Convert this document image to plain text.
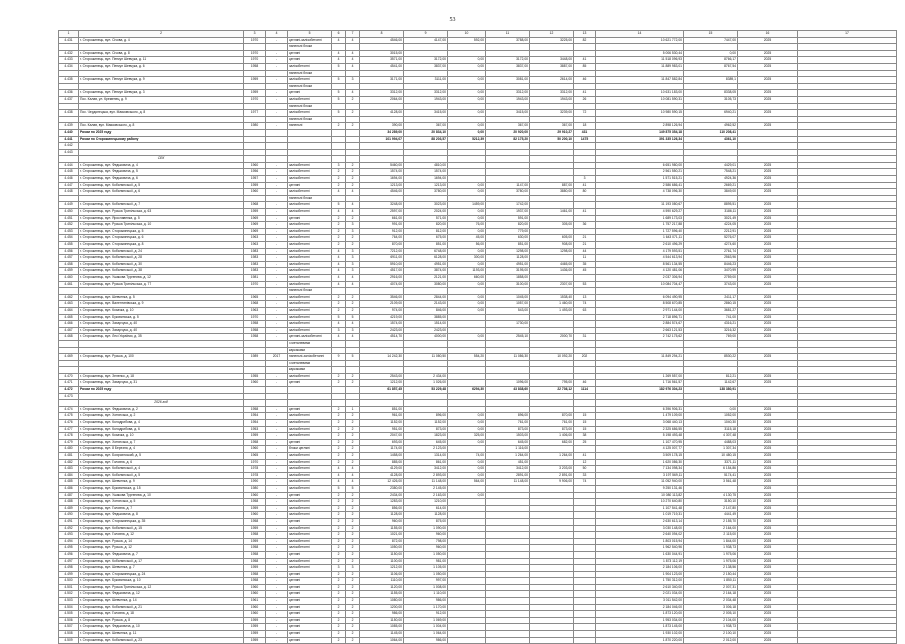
53
1	2	3	4	5	6	7	8	9	10	11	12	13	14	15	16	17
4.431	г. Сторожинець, вул. Січова, д. 4	1970	-	цегляні-залізобетонні	4	4	4546,00	4147,00	592,00	3788,00	3225,00	82	10 621 772,00	7447,00	2025	
				панельні блоки												
4.432	г. Сторожинець, вул. Січова, д. 8	1970	-	цегляні	4	4	3015,00						5 006 530,44	0,00	2025	
4.433	г. Сторожинець, вул. Пенкул Шевчука, д. 11	1970	-	цегляні	4	4	3571,00	3172,00	0,00	3172,00	3448,00	41	11 518 096,93	8766,17	2025	
4.434	г. Сторожинець, вул. Пенкул Шевчука, д. 6	1958	-	залізобетонні	5	4	4541,00	3837,00	0,00	3837,00	3887,00	85	11 889 983,01	8767,54	2025	
				панельні блоки												
4.435	г. Сторожинець, вул. Пенкул Шевчука, д. 9	1959	-	залізобетонні	5	3	3171,00	3111,00	0,00	3081,00	2614,00	46	11 847 582,84	8389,1	2025	
				панельні блоки												
4.436	г. Сторожинець, вул. Пенкул Шевчука, д. 3	1959	-	цегляні	5	4	3312,00	3312,00	0,00	3312,00	3312,00	41	10 631 183,00	8338,05	2025	
4.437	Пос. Калав, ул. Кременец, д. 9	1970	-	залізобетонні	5	2	2064,00	1943,00	0,00	1943,00	1943,00	26	10 081 590,31	3105,73	2025	
				панельні блоки												
4.438	Пос. Чердонецька, вул. Маяковського, д. 8	1977	-	залізобетонні	5	2	4128,00	3415,00	0,00	3415,00	3239,00	72	10 980 590,15	6940,21	2025	
				панельні блоки												
4.439	Пос. Калав, вул. Маяковського, д. 8	1980	-	панельні	2	2	390,00	367,00	0,00	367,00	367,00	18	2 898 126,94	4962,52	2025	
4.440	Разом по 2025 году						34 289,00	20 834,10	0,00	20 920,00	29 910,27	431	149 875 354,18	110 208,41		
4.441	Разом по Сторожинецькому району						101 994,07	88 203,57	5212,39	82 175,20	50 200,10	1475	391 335 126,34	4361,10		
4.442																
4.443																
	СЕК															
4.444	г. Сторожинець, вул. Федьковича, д. 4	1960	-	залізобетонні	3	2	5460,00	4810,00					6 651 980,00	4429,01	2025	
4.445	г. Сторожинець, вул. Федьковича, д. 5	1956	-	залізобетонні	2	2	1574,00	1574,00					2 561 550,21	7548,21	2025	
4.446	г. Сторожинець, вул. Федьковича, д. 6	1957	-	залізобетонні	2	2	1694,00	1694,00				3	1 571 515,21	4924,36	2025	
4.447	г. Сторожинець, вул. Кобилянської, д. 5	1959	-	цегляні	2	2	1213,00	1213,00	0,00	1147,00	887,00	41	2 586 686,41	2669,21	2025	
4.448	г. Сторожинець, вул. Кобилянської, д. 6	1960	-	залізобетонні	4	4	4546,00	3780,00	0,00	3780,00	3880,00	80	4 738 096,30	3849,00	2025	
				панельні блоки												
4.449	г. Сторожинець, вул. Кобилянської, д. 7	1968	-	залізобетонні	5	4	3248,00	3023,00	1459,00	1742,00			11 193 080,67	8895,51	2025	
4.450	г. Сторожинець, вул. Руська Трипільська, д. 63	1959	-	залізобетонні	4	4	2597,00	2024,00	0,00	1937,00	1461,00	41	4 590 629,27	3186,11	2025	
4.451	г. Сторожинець, вул. Ярославенка, д. 5	1969	-	цегляні	2	2	661,00	571,00	0,00	591,00			1 689 173,03	3021,49	2025	
4.452	г. Сторожинець, вул. Руська Трипільська, д. 10	1969	-	залізобетонні	2	3	991,00	820,00	76,00	820,00	305,00	36	1 757 217,88	4224,05	2025	
4.453	г. Сторожинець, вул. Сторожинецька, д. 5	1969	-	залізобетонні	2	3	912,00	812,00	0,00	779,00			1 727 596,40	2212,91	2025	
4.454	г. Сторожинець, вул. Сторожинецька, д. 6	1963	-	залізобетонні	2	2	764,00	675,00	45,00	630,00	605,00	21	1 643 071,11	5276,07	2025	
4.455	г. Сторожинець, вул. Сторожинецька, д. 8	1963	-	залізобетонні	2	2	870,00	851,00	56,00	851,00	908,00	21	2 610 496,29	4274,60	2025	
4.456	г. Сторожинець, вул. Кобилянської, д. 24	1983	-	залізобетонні	4	3	7212,00	6748,00	0,00	1298,00	1298,00	44	4 179 593,51	2761,74	2025	
4.457	г. Сторожинець, вул. Кобилянської, д. 28	1983	-	залізобетонні	4	3	6911,00	6128,00	300,00	1128,00		11	4 544 613,94	2563,96	2025	
4.458	г. Сторожинець, вул. Кобилянської, д. 30	1983	-	залізобетонні	4	3	5910,00	4951,00	0,00	4951,00	4465,00	35	8 561 134,55	8446,23	2025	
4.459	г. Сторожинець, вул. Кобилянської, д. 38	1983	-	залізобетонні	4	3	4517,00	3874,00	1193,00	3195,00	1436,00	45	4 120 481,06	3470,99	2025	
4.460	г. Сторожинець, вул. Ушакова Тургенєва, д. 12	1981	-	залізобетонні	4	4	2916,00	2121,00	660,00	1858,00			2 037 306,94	2759,00	2025	
4.461	г. Сторожинець, вул. Руська Трипільська, д. 77	1970	-	залізобетонні	4	4	4074,00	3080,00	0,00	3100,00	2307,00	53	10 084 704,47	3743,00	2025	
				панельні блоки												
4.462	г. Сторожинець, вул. Шевченка, д. 5	1965	-	залізобетонні	2	2	3546,00	2844,00	0,00	1045,00	1538,40	13	6 094 490,95	2411,17	2025	
4.463	г. Сторожинець, вул. Валентинівська, д. 9	1968	-	залізобетонні	2	2	2109,00	2143,00	0,00	1057,00	1 460,00	74	8 508 670,85	2860,15	2025	
4.464	г. Сторожинець, вул. Козачка, д. 10	1963	-	залізобетонні	2	2	974,00	846,00	0,00	543,00	1 493,00	63	2 971 144,00	3681,27	2025	
4.465	г. Сторожинець, вул. Буковинська, д. 5	1970	-	залізобетонні	5	5	4219,00	3885,00					2 718 896,71	741,00	2025	
4.466	г. Сторожинець, вул. Захарчука, д. 40	1958	-	залізобетонні	4	4	1574,00	1514,00		1730,00			2 884 574,67	4316,21	2025	
4.467	г. Сторожинець, вул. Захарчука, д. 40	1958	-	залізобетонні	3	3	2423,00	2423,00					2 663 121,53	3216,32	2025	
4.468	г. Сторожинець, вул. Лесі Українки, д. 35	1958	-	цегляні-залізобетонні	4	4	4514,70	4000,00	0,00	2545,10	2000,70	31	2 742 175,62	769,00	2025	
				з металевими												
				каркасами												
4.469	г. Сторожинець, вул. Руська, д. 100	1989	2017	панельні-залізобетонні	9	5	14 242,30	11 080,50	554,20	11 086,30	10 092,20	202	11 849 294,21	8530,22	2025	
				з металевими												
				каркасами												
4.470	г. Сторожинець, вул. Зеленко, д. 18	1955	-	залізобетонні	2	2	2543,00	2 434,00					1 269 557,00	812,21	2025	
4.471	г. Сторожинець, вул. Захарчука, д. 31	1960	-	цегляні	2	2	1212,00	1 026,00		1096,00	795,00	46	1 716 561,57	1142,67	2025	
4.472	Разом по 2025 году						61 857,45	53 229,48	6294,30	43 838,60	22 736,12	1114	182 976 304,23	138 380,91		
4.473																
	2026 год															
4.474	г. Сторожинець, вул. Федьковича, д. 2	1958	-	цегляні	2	1	851,00						6 396 906,31	0,00	2025	
4.475	г. Сторожинець, вул. Хотинська, д. 2	1954	-	залізобетонні	2	2	961,00	896,00	0,00	896,00	870,00	15	1 479 109,00	1052,00	2025	
4.476	г. Сторожинець, вул. Колодрибова, д. 4	1954	-	залізобетонні	2	2	1152,00	1152,00	0,00	761,00	761,00	15	3 068 440,13	1040,30	2025	
4.477	г. Сторожинець, вул. Колодрибова, д. 6	1953	-	залізобетонні	2	2	951,00	873,00	0,00	873,00	873,00	15	2 325 686,55	3115,18	2025	
4.478	г. Сторожинець, вул. Козачка, д. 10	1959	-	залізобетонні	2	2	2047,00	1823,00	325,00	1503,00	1 406,00	38	5 198 493,48	4 307,48	2025	
4.479	г. Сторожинець, вул. Хотинська, д. 7	1958	-	цегляні	2	2	693,00	645,00	0,00	645,00	682,00	25	1 107 470,95	4488,03	2025	
4.480	г. Сторожинець, вул. 8 Березня, д. 4	1960	-	блоки цегляні	2	2	1174,00	2 123,00		1 116,00			4 125 007,77	1 307,34	2025	
4.481	г. Сторожинець, вул. Боярсинський, д. 5	1965	-	залізобетонні	2	2	1458,00	1314,00	74,00	1 264,00	1 264,00	41	3 509 178,15	10 480,15	2025	
4.482	г. Сторожинець, вул. Головна, д. 6	1970	-	залізобетонні	2	2	885,00	861,00	0,00	451,00		12	1 620 086,30	3371,11	2025	
4.483	г. Сторожинець, вул. Кобилянської, д. 4	1978	-	залізобетонні	4	4	4129,00	3412,00	0,00	3412,00	3 203,00	50	7 134 098,34	6 154,86	2025	
4.484	г. Сторожинець, вул. Кобилянської, д. 5	1978	-	залізобетонні	4	4	4128,00	2 893,00	0,00	2891,00	2 891,00	33	3 197 569,11	5174,41	2025	
4.485	г. Сторожинець, вул. Шевченка, д. 9	1990	-	залізобетонні	4	4	12 426,00	11 148,00	564,00	11 148,00	9 906,00	74	11 052 940,00	3 561,48	2025	
4.486	г. Сторожинець, вул. Буковинська, д. 15	1980	-	залізобетонні	5	5	2380,00	2 145,00					9 250 131,46		2025	
4.487	г. Сторожинець, вул. Ушакова Тургенєва, д. 10	1960	-	цегляні	2	2	2434,00	2 163,00	0,00				10 080 113,82	4 130,75	2025	
4.488	г. Сторожинець, вул. Хотинська, д. 5	1958	-	залізобетонні	2	2	1283,00	1210,00					10 270 640,80	3150,10	2025	
4.489	г. Сторожинець, вул. Головна, д. 7	1959	-	залізобетонні	2	2	856,00	614,00					1 107 541,48	2 147,80	2025	
4.490	г. Сторожинець, вул. Федьковича, д. 8	1960	-	залізобетонні	2	2	1128,00	1128,00					1 019 719,31	4441,49	2025	
4.491	г. Сторожинець, вул. Сторожинецька, д. 35	1958	-	цегляні	2	2	960,00	875,00					2 630 613,14	2 155,70	2025	
4.492	г. Сторожинець, вул. Кобилянської, д. 15	1959	-	залізобетонні	2	2	1155,00	1 090,00					3 030 148,00	2 164,00	2025	
4.493	г. Сторожинець, вул. Головна, д. 12	1958	-	залізобетонні	2	2	1021,00	960,00					2 640 094,02	2 115,00	2025	
4.494	г. Сторожинець, вул. Руська, д. 14	1959	-	залізобетонні	2	2	872,00	798,00					1 803 015,94	1 844,00	2025	
4.495	г. Сторожинець, вул. Руська, д. 12	1958	-	залізобетонні	2	2	1050,00	960,00					1 962 540,96	1 938,73	2025	
4.496	г. Сторожинець, вул. Федьковича, д. 7	1958	-	цегляні	2	2	1150,00	1 050,00					1 630 044,91	1 975,06	2025	
4.497	г. Сторожинець, вул. Кобилянської, д. 17	1958	-	залізобетонні	2	2	1100,00	981,00					1 873 112,19	1 975,06	2025	
4.498	г. Сторожинець, вул. Шевченка, д. 7	1959	-	залізобетонні	3	3	1212,00	1 105,00					2 184 106,00	2 138,56	2025	
4.499	г. Сторожинець, вул. Сторожинецька, д. 24	1958	-	цегляні	2	2	1106,00	1 050,00					1 904 123,00	2 150,44	2025	
4.500	г. Сторожинець, вул. Буковинська, д. 10	1958	-	цегляні	2	2	1110,00	997,00					1 750 312,00	1 850,11	2025	
4.501	г. Сторожинець, вул. Руська Трипільська, д. 12	1960	-	цегляні	2	2	1120,00	1 008,00					2 610 340,00	2 007,31	2025	
4.502	г. Сторожинець, вул. Федьковича, д. 12	1960	-	цегляні	2	2	1155,00	1 110,00					2 021 034,00	2 164,18	2025	
4.503	г. Сторожинець, вул. Шевченка, д. 14	1961	-	цегляні	2	2	1080,00	986,00					3 011 542,00	2 034,48	2025	
4.504	г. Сторожинець, вул. Кобилянської, д. 21	1960	-	цегляні	2	2	1200,00	1 170,00					2 184 046,00	3 006,18	2025	
4.505	г. Сторожинець, вул. Головна, д. 18	1960	-	цегляні	2	2	986,00	912,00					1 873 120,00	2 005,10	2025	
4.506	г. Сторожинець, вул. Руська, д. 8	1959	-	цегляні	2	2	1150,00	1 069,00					1 953 034,00	2 104,00	2025	
4.507	г. Сторожинець, вул. Федьковича, д. 10	1959	-	цегляні	2	2	1085,00	1 004,00					1 873 145,00	1 938,73	2025	
4.508	г. Сторожинець, вул. Шевченка, д. 11	1959	-	цегляні	2	2	1145,00	1 064,00					1 930 102,00	2 100,10	2025	
4.509	г. Сторожинець, вул. Кобилянської, д. 23	1959	-	цегляні	2	2	1064,00	986,00					1 870 220,00	2 012,00	2025	
